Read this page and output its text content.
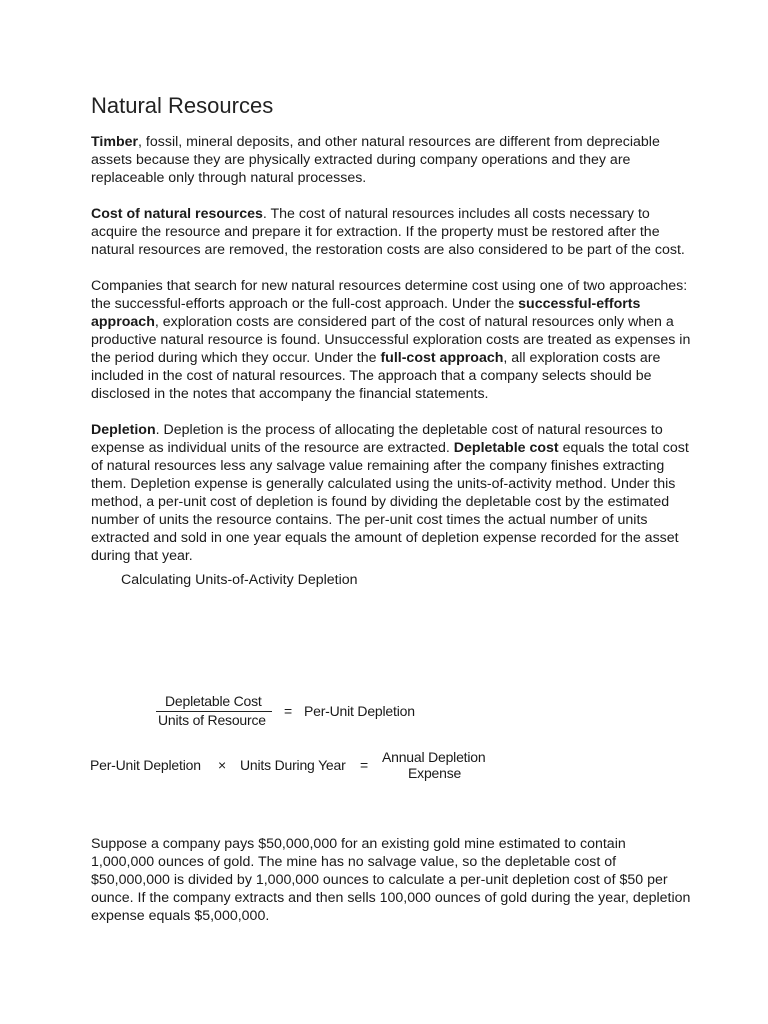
Natural Resources

Timber, fossil, mineral deposits, and other natural resources are different from depreciable assets because they are physically extracted during company operations and they are replaceable only through natural processes.

Cost of natural resources. The cost of natural resources includes all costs necessary to acquire the resource and prepare it for extraction. If the property must be restored after the natural resources are removed, the restoration costs are also considered to be part of the cost.

Companies that search for new natural resources determine cost using one of two approaches: the successful-efforts approach or the full-cost approach. Under the successful-efforts approach, exploration costs are considered part of the cost of natural resources only when a productive natural resource is found. Unsuccessful exploration costs are treated as expenses in the period during which they occur. Under the full-cost approach, all exploration costs are included in the cost of natural resources. The approach that a company selects should be disclosed in the notes that accompany the financial statements.

Depletion. Depletion is the process of allocating the depletable cost of natural resources to expense as individual units of the resource are extracted. Depletable cost equals the total cost of natural resources less any salvage value remaining after the company finishes extracting them. Depletion expense is generally calculated using the units-of-activity method. Under this method, a per-unit cost of depletion is found by dividing the depletable cost by the estimated number of units the resource contains. The per-unit cost times the actual number of units extracted and sold in one year equals the amount of depletion expense recorded for the asset during that year.

Calculating Units-of-Activity Depletion
Depletable Cost
Units of Resource
= Per-Unit Depletion
Per-Unit Depletion × Units During Year = Annual Depletion
Expense

Suppose a company pays $50,000,000 for an existing gold mine estimated to contain 1,000,000 ounces of gold. The mine has no salvage value, so the depletable cost of $50,000,000 is divided by 1,000,000 ounces to calculate a per-unit depletion cost of $50 per ounce. If the company extracts and then sells 100,000 ounces of gold during the year, depletion expense equals $5,000,000.
